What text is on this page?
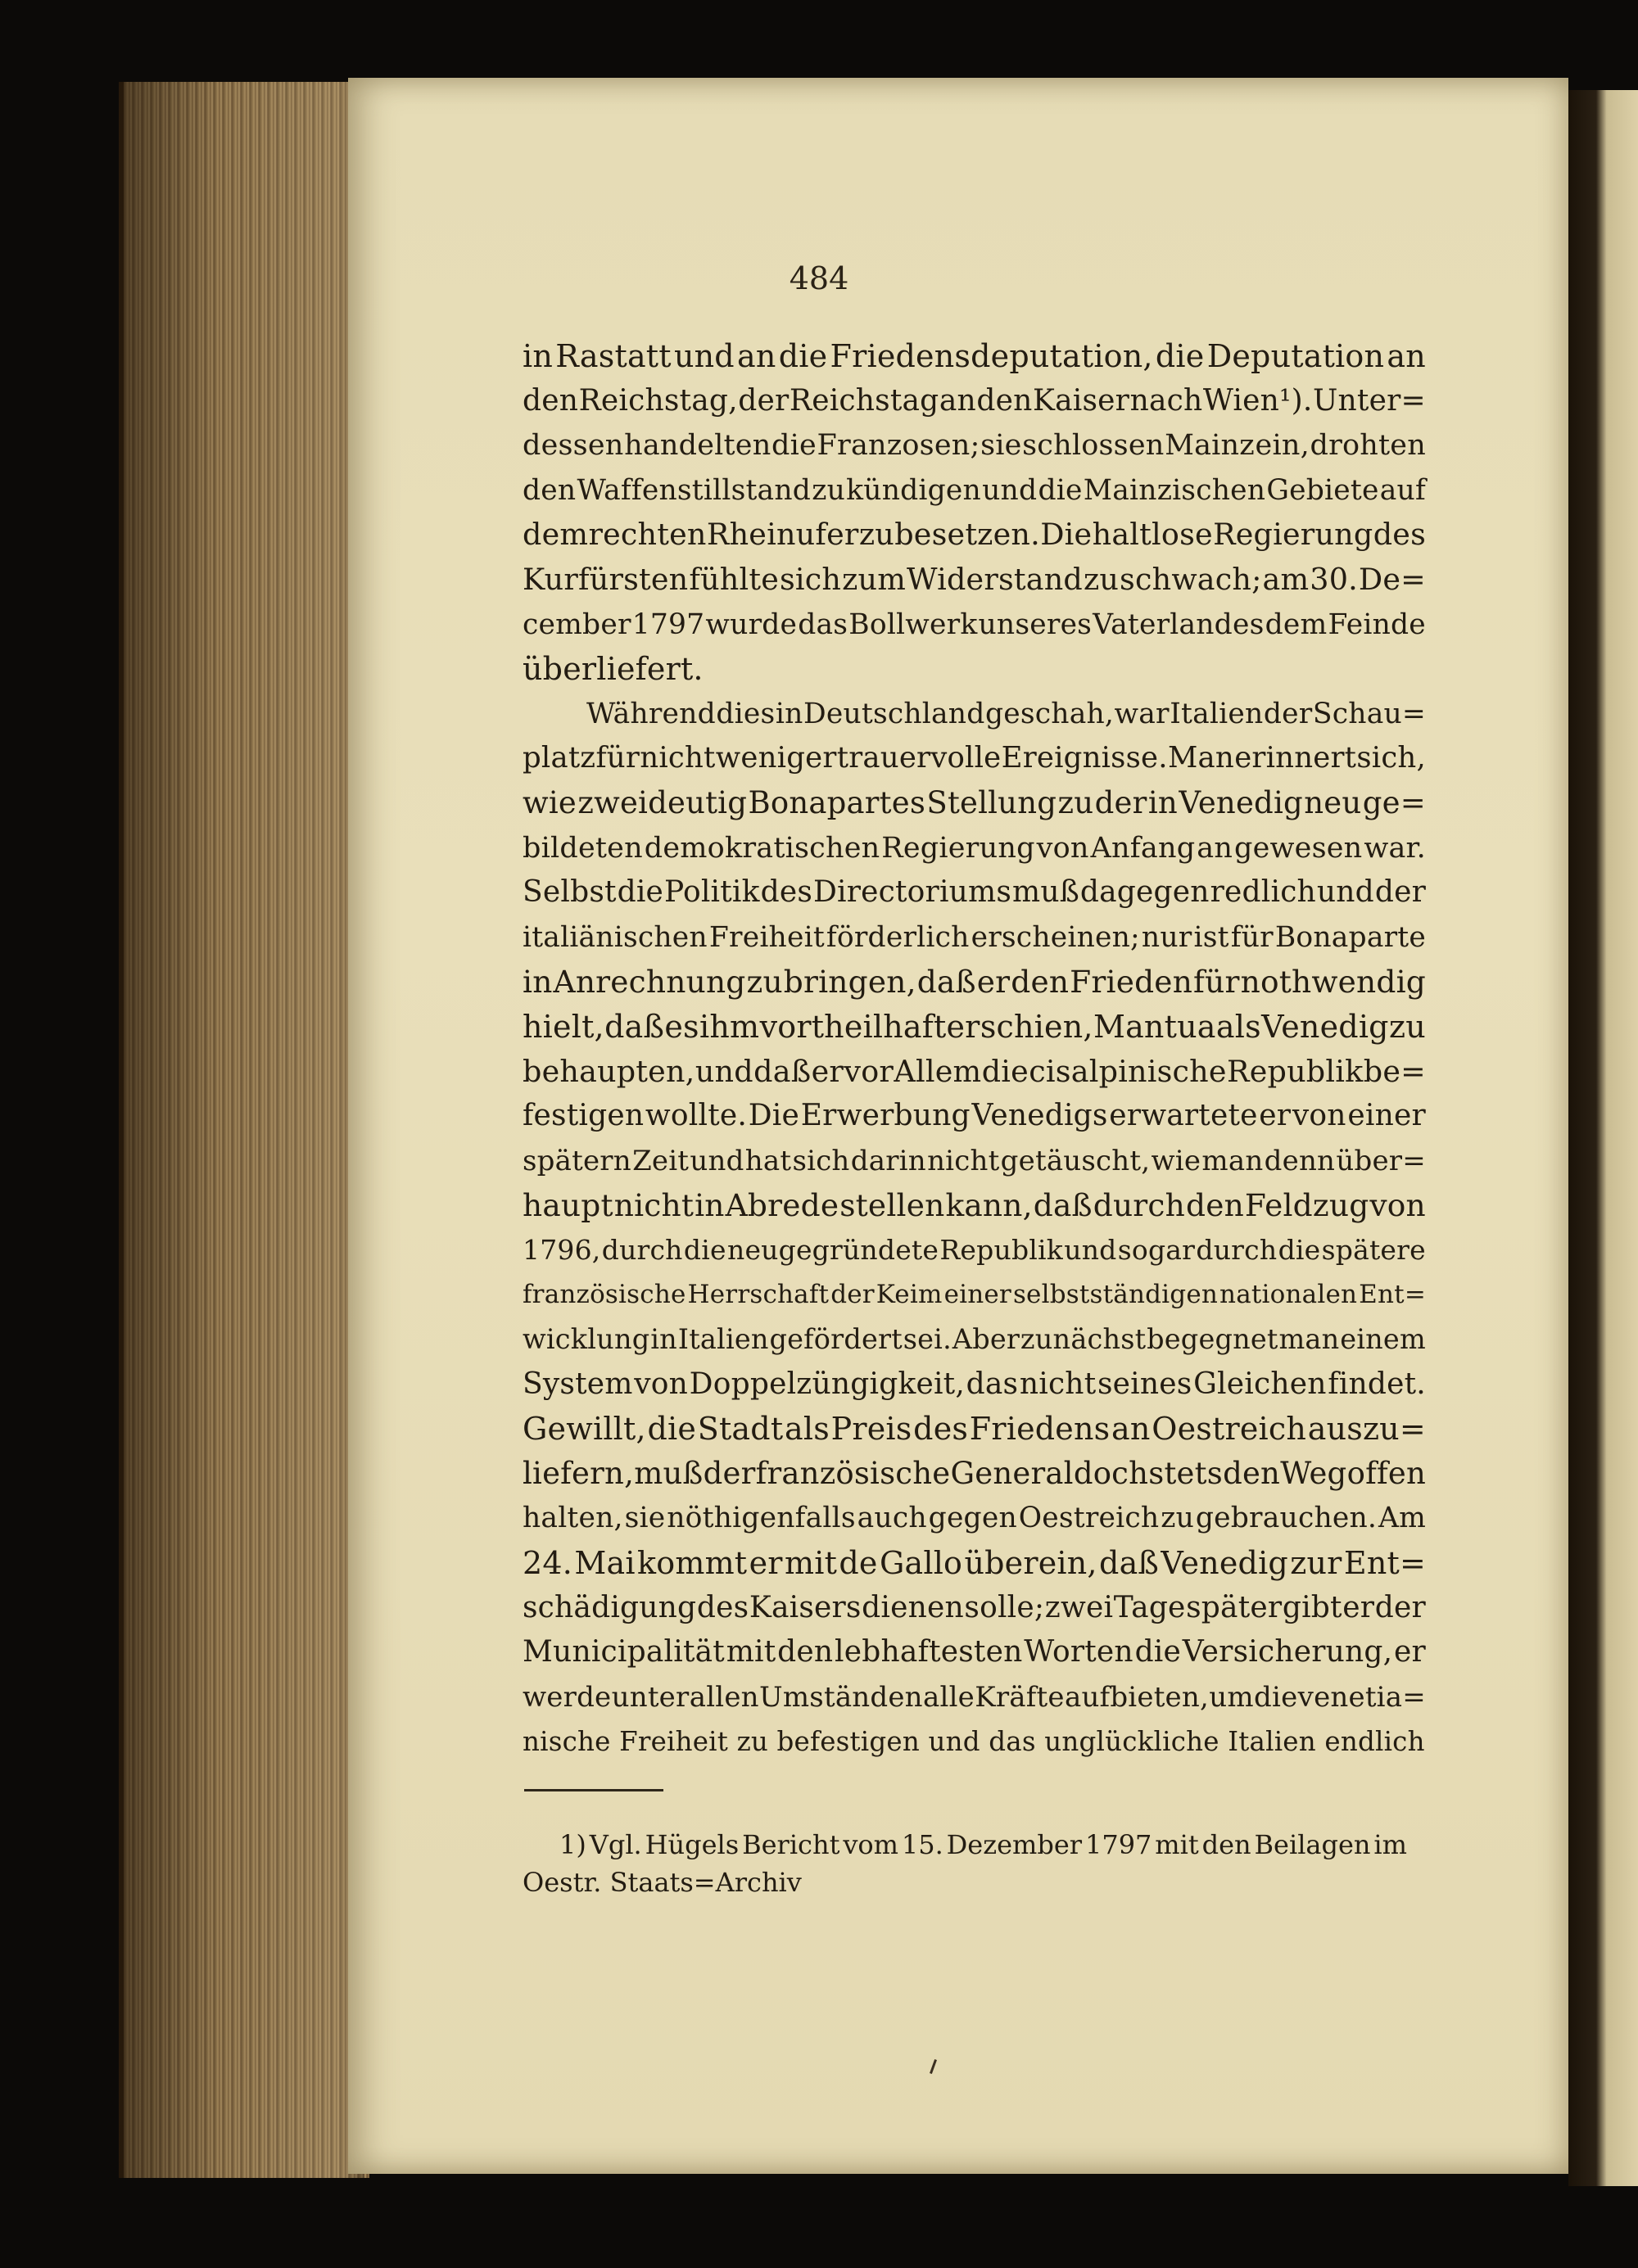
484
in Rastatt und an die Friedensdeputation, die Deputation an
den Reichstag, der Reichstag an den Kaiser nach Wien¹). Unter=
dessen handelten die Franzosen; sie schlossen Mainz ein, drohten
den Waffenstillstand zu kündigen und die Mainzischen Gebiete auf
dem rechten Rheinufer zu besetzen. Die haltlose Regierung des
Kurfürsten fühlte sich zum Widerstand zu schwach; am 30. De=
cember 1797 wurde das Bollwerk unseres Vaterlandes dem Feinde
überliefert.
Während dies in Deutschland geschah, war Italien der Schau=
platz für nicht weniger trauervolle Ereignisse. Man erinnert sich,
wie zweideutig Bonapartes Stellung zu der in Venedig neu ge=
bildeten demokratischen Regierung von Anfang an gewesen war.
Selbst die Politik des Directoriums muß dagegen redlich und der
italiänischen Freiheit förderlich erscheinen; nur ist für Bonaparte
in Anrechnung zu bringen, daß er den Frieden für nothwendig
hielt, daß es ihm vortheilhafter schien, Mantua als Venedig zu
behaupten, und daß er vor Allem die cisalpinische Republik be=
festigen wollte. Die Erwerbung Venedigs erwartete er von einer
spätern Zeit und hat sich darin nicht getäuscht, wie man denn über=
haupt nicht in Abrede stellen kann, daß durch den Feldzug von
1796, durch die neugegründete Republik und sogar durch die spätere
französische Herrschaft der Keim einer selbstständigen nationalen Ent=
wicklung in Italien gefördert sei. Aber zunächst begegnet man einem
System von Doppelzüngigkeit, das nicht seines Gleichen findet.
Gewillt, die Stadt als Preis des Friedens an Oestreich auszu=
liefern, muß der französische General doch stets den Weg offen
halten, sie nöthigenfalls auch gegen Oestreich zu gebrauchen. Am
24. Mai kommt er mit de Gallo überein, daß Venedig zur Ent=
schädigung des Kaisers dienen solle; zwei Tage später gibt er der
Municipalität mit den lebhaftesten Worten die Versicherung, er
werde unter allen Umständen alle Kräfte aufbieten, um die venetia=
nische Freiheit zu befestigen und das unglückliche Italien endlich
1) Vgl. Hügels Bericht vom 15. Dezember 1797 mit den Beilagen im
Oestr. Staats=Archiv
